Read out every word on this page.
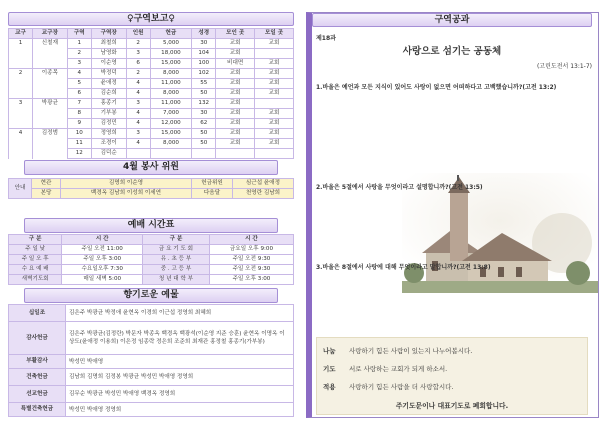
♀구역보고♀
교구	교구장	구역	구역장	인원	헌금	성경	모인 곳	모일 곳
1	신철재	1	최철희	2	5,000	30	교회	교회
		2	남영화	3	18,000	104	교회	
		3	이순영	6	15,000	100	비대면	교회
2	이종목	4	박정덕	2	8,000	102	교회	교회
		5	윤애정	4	11,000	55	교회	교회
		6	김순희	4	8,000	50	교회	교회
3	박광균	7	홍종기	3	11,000	132	교회	
		8	기부봉	4	7,000	30	교회	교회
		9	김정민	4	12,000	62	교회	교회
4	김정범	10	정영희	3	15,000	50	교회	교회
		11	조경이	4	8,000	50	교회	교회
		12	김덕순					
4월 봉사 위원
안내	현관	김명희 이순영	헌금위원	심근섭 윤애정
	본당	백경옥 김남희 이성희 이세연	다음달	천영란 김남희
예배 시간표
구 분	시 간	구 분	시 간
주 일 낮	주일 오전 11:00	금 요 기 도 회	금요일 오후 9:00
주 일 오 후	주일 오후 3:00	유 . 초 등 부	주일 오전 9:30
수 요 예 배	수요일오후 7:30	중 . 고 등 부	주일 오전 9:30
새벽기도회	매일 새벽 5:00	청 년 대 학 부	주일 오후 3:00
향기로운 예물
십일조	김은주 박광균 박정애 윤현옥 이경희 이근섭 정영희 최혜희
감사헌금	김은주 박광균(김정란) 박문자 박종옥 백경옥 백광석(이순영 지준 승훈) 윤현옥 이명옥 이상도(윤애정 이용희) 이은정 임종락 정은희 조준희 최재관 홍정철 홍종기(가부봉)
부활감사	박성민 박애영
건축헌금	김남희 김명희 김정봉 박광균 박성민 박애영 정영희
선교헌금	김무순 박광균 박성민 박애영 백경옥 정영희
특별건축헌금	박성민 박애영 정영희
구역공과
제18과
사랑으로 섬기는 공동체
(고린도전서 13:1-7)
1.바울은 예언과 모든 지식이 있어도 사랑이 없으면 어떠하다고 고백했습니까?(고전 13:2)
2.바울은 5절에서 사랑을 무엇이라고 설명합니까?(고전 13:5)
3.바울은 8절에서 사랑에 대해 무엇이라고 말합니까?(고전 13:8)
나눔 사랑하기 힘든 사람이 있는지 나누어봅시다.
기도 서로 사랑하는 교회가 되게 하소서.
적용 사랑하기 힘든 사람을 더 사랑합시다.
주기도문이나 대표기도로 폐회합니다.
